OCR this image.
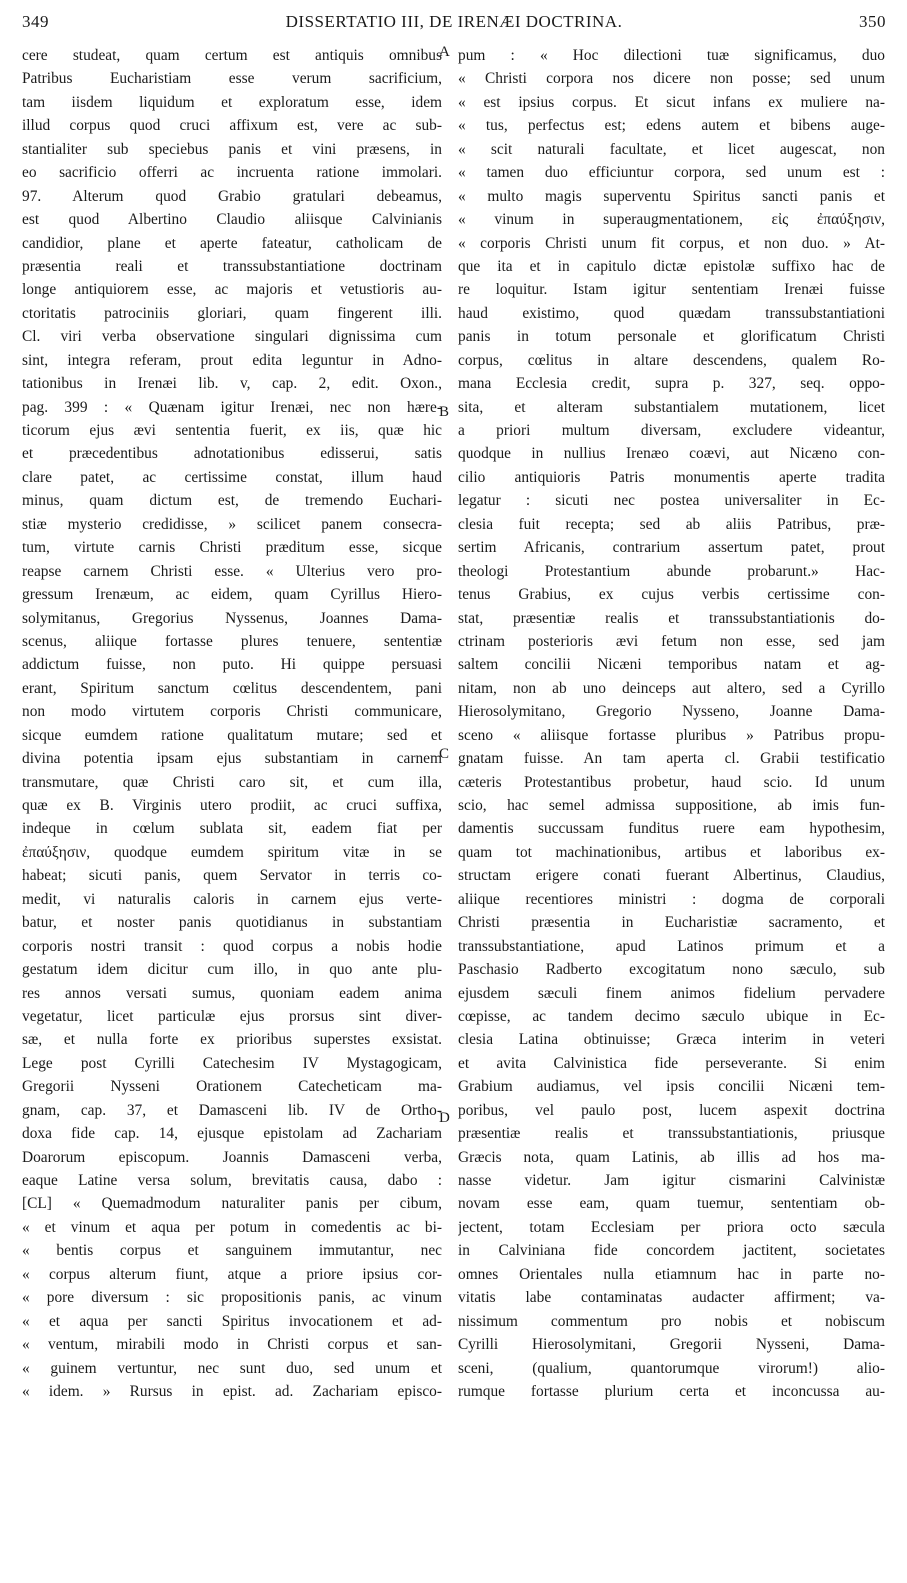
349	DISSERTATIO III, DE IRENÆI DOCTRINA.	350
A
B
C
D
cere studeat, quam certum est antiquis omnibus
Patribus Eucharistiam esse verum sacrificium,
tam iisdem liquidum et exploratum esse, idem
illud corpus quod cruci affixum est, vere ac sub-
stantialiter sub speciebus panis et vini præsens, in
eo sacrificio offerri ac incruenta ratione immolari.
97. Alterum quod Grabio gratulari debeamus,
est quod Albertino Claudio aliisque Calvinianis
candidior, plane et aperte fateatur, catholicam de
præsentia reali et transsubstantiatione doctrinam
longe antiquiorem esse, ac majoris et vetustioris au-
ctoritatis patrociniis gloriari, quam fingerent illi.
Cl. viri verba observatione singulari dignissima cum
sint, integra referam, prout edita leguntur in Adno-
tationibus in Irenæi lib. v, cap. 2, edit. Oxon.,
pag. 399 : « Quænam igitur Irenæi, nec non hære-
ticorum ejus ævi sententia fuerit, ex iis, quæ hic
et præcedentibus adnotationibus edisserui, satis
clare patet, ac certissime constat, illum haud
minus, quam dictum est, de tremendo Euchari-
stiæ mysterio credidisse, » scilicet panem consecra-
tum, virtute carnis Christi præditum esse, sicque
reapse carnem Christi esse. « Ulterius vero pro-
gressum Irenæum, ac eidem, quam Cyrillus Hiero-
solymitanus, Gregorius Nyssenus, Joannes Dama-
scenus, aliique fortasse plures tenuere, sententiæ
addictum fuisse, non puto. Hi quippe persuasi
erant, Spiritum sanctum cœlitus descendentem, pani
non modo virtutem corporis Christi communicare,
sicque eumdem ratione qualitatum mutare; sed et
divina potentia ipsam ejus substantiam in carnem
transmutare, quæ Christi caro sit, et cum illa,
quæ ex B. Virginis utero prodiit, ac cruci suffixa,
indeque in cœlum sublata sit, eadem fiat per
ἐπαύξησιν, quodque eumdem spiritum vitæ in se
habeat; sicuti panis, quem Servator in terris co-
medit, vi naturalis caloris in carnem ejus verte-
batur, et noster panis quotidianus in substantiam
corporis nostri transit : quod corpus a nobis hodie
gestatum idem dicitur cum illo, in quo ante plu-
res annos versati sumus, quoniam eadem anima
vegetatur, licet particulæ ejus prorsus sint diver-
sæ, et nulla forte ex prioribus superstes exsistat.
Lege post Cyrilli Catechesim IV Mystagogicam,
Gregorii Nysseni Orationem Catecheticam ma-
gnam, cap. 37, et Damasceni lib. IV de Ortho-
doxa fide cap. 14, ejusque epistolam ad Zachariam
Doarorum episcopum. Joannis Damasceni verba,
eaque Latine versa solum, brevitatis causa, dabo :
[CL] « Quemadmodum naturaliter panis per cibum,
« et vinum et aqua per potum in comedentis ac bi-
« bentis corpus et sanguinem immutantur, nec
« corpus alterum fiunt, atque a priore ipsius cor-
« pore diversum : sic propositionis panis, ac vinum
« et aqua per sancti Spiritus invocationem et ad-
« ventum, mirabili modo in Christi corpus et san-
« guinem vertuntur, nec sunt duo, sed unum et
« idem. » Rursus in epist. ad. Zachariam episco-
pum : « Hoc dilectioni tuæ significamus, duo
« Christi corpora nos dicere non posse; sed unum
« est ipsius corpus. Et sicut infans ex muliere na-
« tus, perfectus est; edens autem et bibens auge-
« scit naturali facultate, et licet augescat, non
« tamen duo efficiuntur corpora, sed unum est :
« multo magis superventu Spiritus sancti panis et
« vinum in superaugmentationem, εἰς ἐπαύξησιν,
« corporis Christi unum fit corpus, et non duo. » At-
que ita et in capitulo dictæ epistolæ suffixo hac de
re loquitur. Istam igitur sententiam Irenæi fuisse
haud existimo, quod quædam transsubstantiationi
panis in totum personale et glorificatum Christi
corpus, cœlitus in altare descendens, qualem Ro-
mana Ecclesia credit, supra p. 327, seq. oppo-
sita, et alteram substantialem mutationem, licet
a priori multum diversam, excludere videantur,
quodque in nullius Irenæo coævi, aut Nicæno con-
cilio antiquioris Patris monumentis aperte tradita
legatur : sicuti nec postea universaliter in Ec-
clesia fuit recepta; sed ab aliis Patribus, præ-
sertim Africanis, contrarium assertum patet, prout
theologi Protestantium abunde probarunt.» Hac-
tenus Grabius, ex cujus verbis certissime con-
stat, præsentiæ realis et transsubstantiationis do-
ctrinam posterioris ævi fetum non esse, sed jam
saltem concilii Nicæni temporibus natam et ag-
nitam, non ab uno deinceps aut altero, sed a Cyrillo
Hierosolymitano, Gregorio Nysseno, Joanne Dama-
sceno « aliisque fortasse pluribus » Patribus propu-
gnatam fuisse. An tam aperta cl. Grabii testificatio
cæteris Protestantibus probetur, haud scio. Id unum
scio, hac semel admissa suppositione, ab imis fun-
damentis succussam funditus ruere eam hypothesim,
quam tot machinationibus, artibus et laboribus ex-
structam erigere conati fuerant Albertinus, Claudius,
aliique recentiores ministri : dogma de corporali
Christi præsentia in Eucharistiæ sacramento, et
transsubstantiatione, apud Latinos primum et a
Paschasio Radberto excogitatum nono sæculo, sub
ejusdem sæculi finem animos fidelium pervadere
cœpisse, ac tandem decimo sæculo ubique in Ec-
clesia Latina obtinuisse; Græca interim in veteri
et avita Calvinistica fide perseverante. Si enim
Grabium audiamus, vel ipsis concilii Nicæni tem-
poribus, vel paulo post, lucem aspexit doctrina
præsentiæ realis et transsubstantiationis, priusque
Græcis nota, quam Latinis, ab illis ad hos ma-
nasse videtur. Jam igitur cismarini Calvinistæ
novam esse eam, quam tuemur, sententiam ob-
jectent, totam Ecclesiam per priora octo sæcula
in Calviniana fide concordem jactitent, societates
omnes Orientales nulla etiamnum hac in parte no-
vitatis labe contaminatas audacter affirment; va-
nissimum commentum pro nobis et nobiscum
Cyrilli Hierosolymitani, Gregorii Nysseni, Dama-
sceni, (qualium, quantorumque virorum!) alio-
rumque fortasse plurium certa et inconcussa au-
